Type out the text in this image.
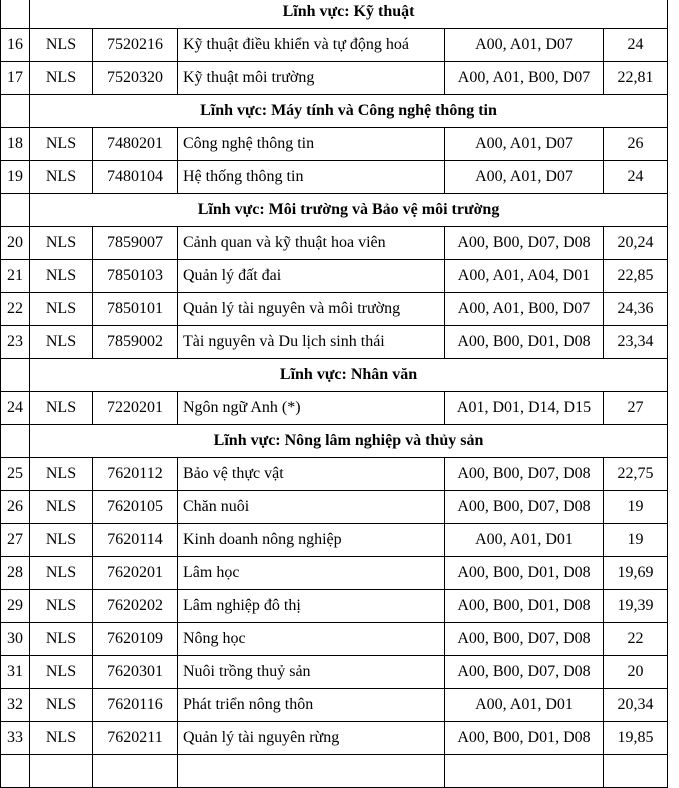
	Lĩnh vực: Kỹ thuật				
16	NLS	7520216	Kỹ thuật điều khiển và tự động hoá	A00, A01, D07	24
17	NLS	7520320	Kỹ thuật môi trường	A00, A01, B00, D07	22,81
	Lĩnh vực: Máy tính và Công nghệ thông tin				
18	NLS	7480201	Công nghệ thông tin	A00, A01, D07	26
19	NLS	7480104	Hệ thống thông tin	A00, A01, D07	24
	Lĩnh vực: Môi trường và Bảo vệ môi trường				
20	NLS	7859007	Cảnh quan và kỹ thuật hoa viên	A00, B00, D07, D08	20,24
21	NLS	7850103	Quản lý đất đai	A00, A01, A04, D01	22,85
22	NLS	7850101	Quản lý tài nguyên và môi trường	A00, A01, B00, D07	24,36
23	NLS	7859002	Tài nguyên và Du lịch sinh thái	A00, B00, D01, D08	23,34
	Lĩnh vực: Nhân văn				
24	NLS	7220201	Ngôn ngữ Anh (*)	A01, D01, D14, D15	27
	Lĩnh vực: Nông lâm nghiệp và thủy sản				
25	NLS	7620112	Bảo vệ thực vật	A00, B00, D07, D08	22,75
26	NLS	7620105	Chăn nuôi	A00, B00, D07, D08	19
27	NLS	7620114	Kinh doanh nông nghiệp	A00, A01, D01	19
28	NLS	7620201	Lâm học	A00, B00, D01, D08	19,69
29	NLS	7620202	Lâm nghiệp đô thị	A00, B00, D01, D08	19,39
30	NLS	7620109	Nông học	A00, B00, D07, D08	22
31	NLS	7620301	Nuôi trồng thuỷ sản	A00, B00, D07, D08	20
32	NLS	7620116	Phát triển nông thôn	A00, A01, D01	20,34
33	NLS	7620211	Quản lý tài nguyên rừng	A00, B00, D01, D08	19,85
